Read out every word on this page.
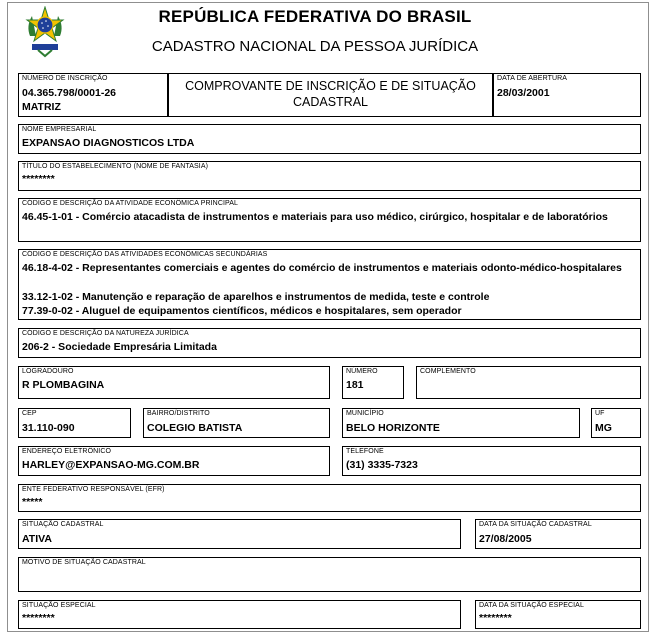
REPÚBLICA FEDERATIVA DO BRASIL
CADASTRO NACIONAL DA PESSOA JURÍDICA
NÚMERO DE INSCRIÇÃO
04.365.798/0001-26
MATRIZ
COMPROVANTE DE INSCRIÇÃO E DE SITUAÇÃO CADASTRAL
DATA DE ABERTURA
28/03/2001
NOME EMPRESARIAL
EXPANSAO DIAGNOSTICOS LTDA
TÍTULO DO ESTABELECIMENTO (NOME DE FANTASIA)
********
CÓDIGO E DESCRIÇÃO DA ATIVIDADE ECONÔMICA PRINCIPAL
46.45-1-01 - Comércio atacadista de instrumentos e materiais para uso médico, cirúrgico, hospitalar e de laboratórios
CÓDIGO E DESCRIÇÃO DAS ATIVIDADES ECONÔMICAS SECUNDÁRIAS
46.18-4-02 - Representantes comerciais e agentes do comércio de instrumentos e materiais odonto-médico-hospitalares
33.12-1-02 - Manutenção e reparação de aparelhos e instrumentos de medida, teste e controle
77.39-0-02 - Aluguel de equipamentos científicos, médicos e hospitalares, sem operador
CÓDIGO E DESCRIÇÃO DA NATUREZA JURÍDICA
206-2 - Sociedade Empresária Limitada
LOGRADOURO
R PLOMBAGINA
NÚMERO
181
COMPLEMENTO
CEP
31.110-090
BAIRRO/DISTRITO
COLEGIO BATISTA
MUNICÍPIO
BELO HORIZONTE
UF
MG
ENDEREÇO ELETRÔNICO
HARLEY@EXPANSAO-MG.COM.BR
TELEFONE
(31) 3335-7323
ENTE FEDERATIVO RESPONSÁVEL (EFR)
*****
SITUAÇÃO CADASTRAL
ATIVA
DATA DA SITUAÇÃO CADASTRAL
27/08/2005
MOTIVO DE SITUAÇÃO CADASTRAL
SITUAÇÃO ESPECIAL
********
DATA DA SITUAÇÃO ESPECIAL
********
